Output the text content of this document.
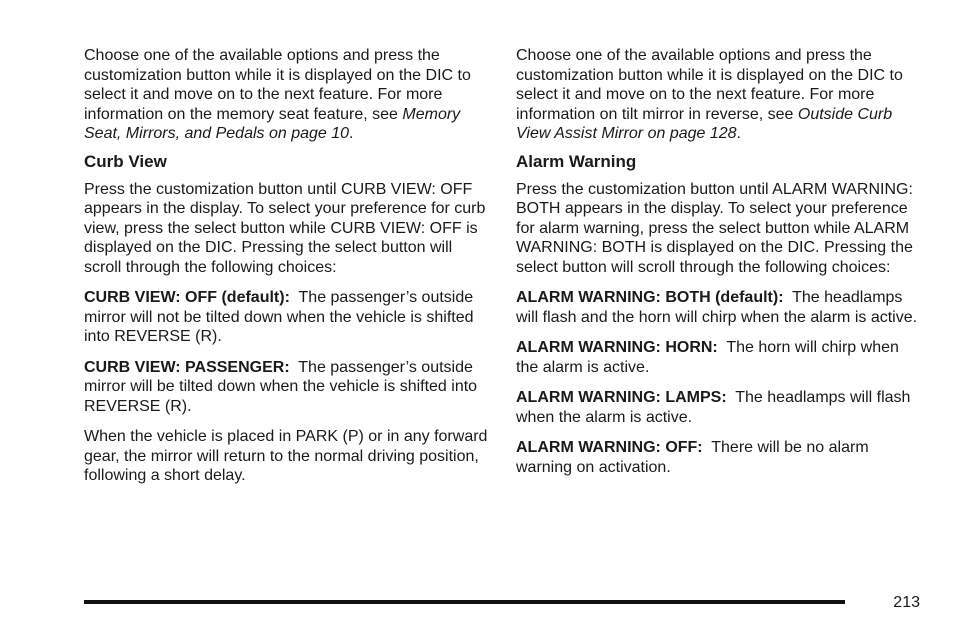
Choose one of the available options and press the customization button while it is displayed on the DIC to select it and move on to the next feature. For more information on the memory seat feature, see Memory Seat, Mirrors, and Pedals on page 10.

Curb View

Press the customization button until CURB VIEW: OFF appears in the display. To select your preference for curb view, press the select button while CURB VIEW: OFF is displayed on the DIC. Pressing the select button will scroll through the following choices:

CURB VIEW: OFF (default): The passenger’s outside mirror will not be tilted down when the vehicle is shifted into REVERSE (R).

CURB VIEW: PASSENGER: The passenger’s outside mirror will be tilted down when the vehicle is shifted into REVERSE (R).

When the vehicle is placed in PARK (P) or in any forward gear, the mirror will return to the normal driving position, following a short delay.

Choose one of the available options and press the customization button while it is displayed on the DIC to select it and move on to the next feature. For more information on tilt mirror in reverse, see Outside Curb View Assist Mirror on page 128.

Alarm Warning

Press the customization button until ALARM WARNING: BOTH appears in the display. To select your preference for alarm warning, press the select button while ALARM WARNING: BOTH is displayed on the DIC. Pressing the select button will scroll through the following choices:

ALARM WARNING: BOTH (default): The headlamps will flash and the horn will chirp when the alarm is active.

ALARM WARNING: HORN: The horn will chirp when the alarm is active.

ALARM WARNING: LAMPS: The headlamps will flash when the alarm is active.

ALARM WARNING: OFF: There will be no alarm warning on activation.

213
